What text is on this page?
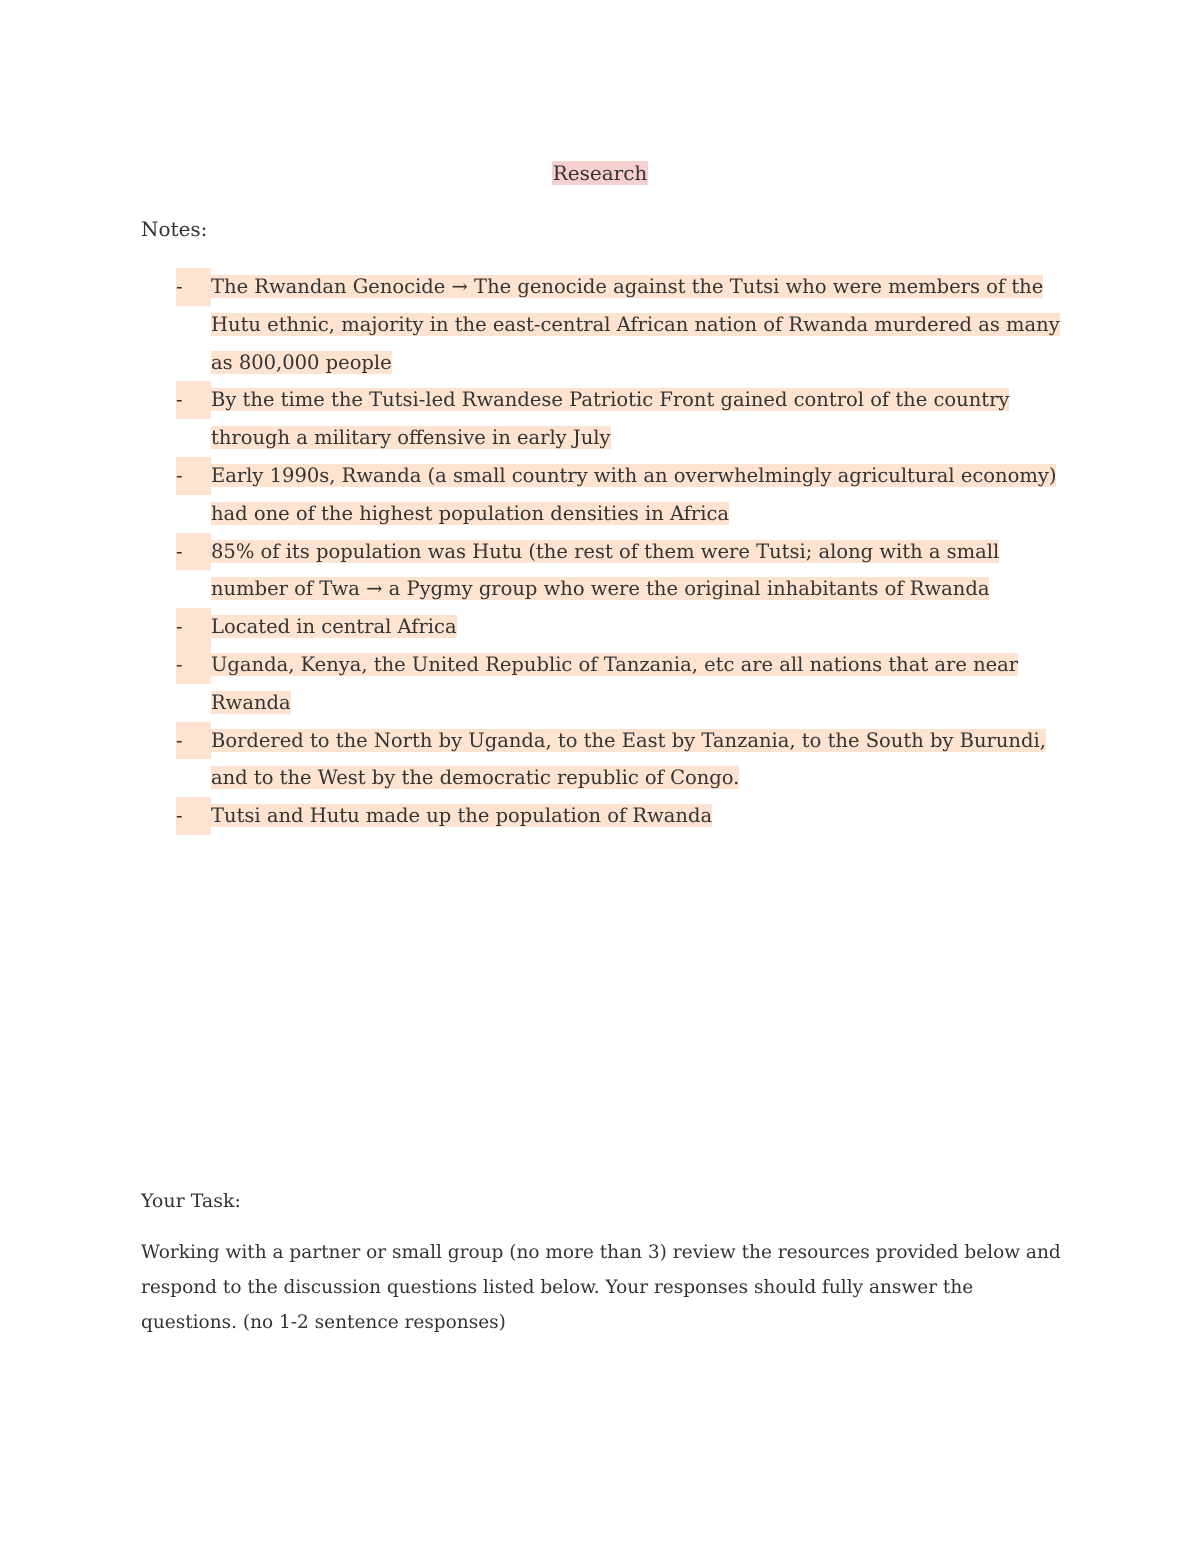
Research
Notes:
-	The Rwandan Genocide → The genocide against the Tutsi who were members of the Hutu ethnic, majority in the east-central African nation of Rwanda murdered as many as 800,000 people
-	By the time the Tutsi-led Rwandese Patriotic Front gained control of the country through a military offensive in early July
-	Early 1990s, Rwanda (a small country with an overwhelmingly agricultural economy) had one of the highest population densities in Africa
-	85% of its population was Hutu (the rest of them were Tutsi; along with a small number of Twa → a Pygmy group who were the original inhabitants of Rwanda
-	Located in central Africa
-	Uganda, Kenya, the United Republic of Tanzania, etc are all nations that are near Rwanda
-	Bordered to the North by Uganda, to the East by Tanzania, to the South by Burundi, and to the West by the democratic republic of Congo.
-	Tutsi and Hutu made up the population of Rwanda
Your Task:

Working with a partner or small group (no more than 3) review the resources provided below and respond to the discussion questions listed below. Your responses should fully answer the questions. (no 1-2 sentence responses)
